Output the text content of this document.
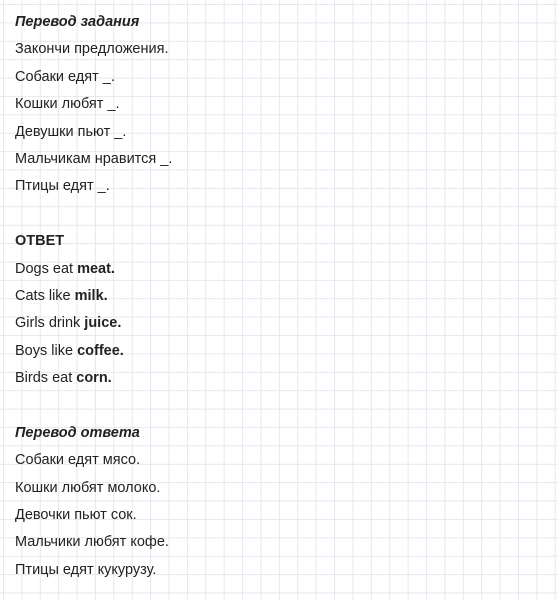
Перевод задания
Закончи предложения.
Собаки едят _.
Кошки любят _.
Девушки пьют _.
Мальчикам нравится _.
Птицы едят _.
ОТВЕТ
Dogs eat meat.
Cats like milk.
Girls drink juice.
Boys like coffee.
Birds eat corn.
Перевод ответа
Собаки едят мясо.
Кошки любят молоко.
Девочки пьют сок.
Мальчики любят кофе.
Птицы едят кукурузу.
